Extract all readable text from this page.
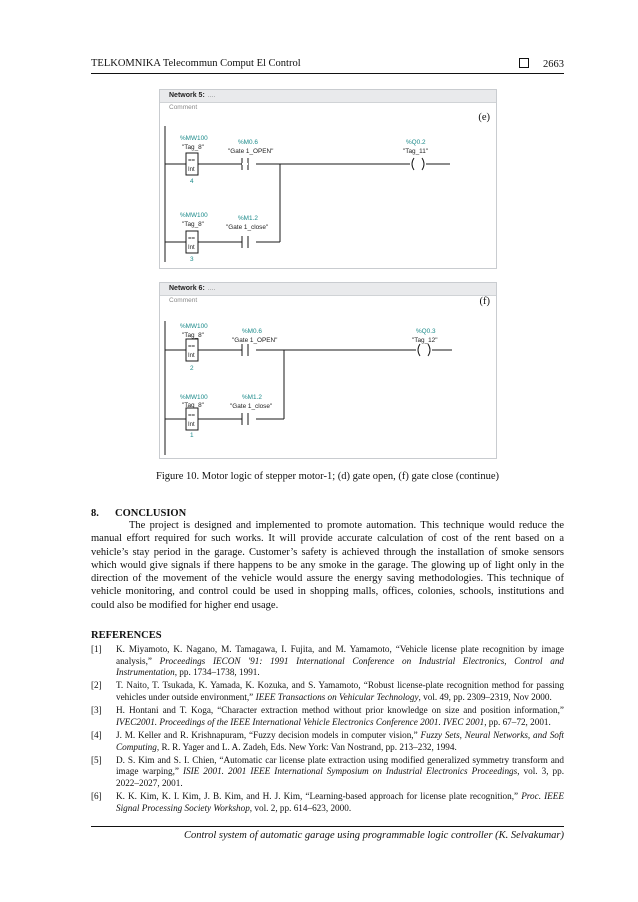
TELKOMNIKA Telecommun Comput El Control	2663
Network 5: ....
Comment
(e)
%MW100
"Tag_8"
==
Int
4
%M0.6
"Gate 1_OPEN"
%Q0.2
"Tag_11"
%MW100
"Tag_8"
==
Int
3
%M1.2
"Gate 1_close"
Network 6: ....
Comment	(f)
%MW100
"Tag_8"
==
Int
2
%M0.6
"Gate 1_OPEN"
%Q0.3
"Tag_12"
%MW100
"Tag_8"
==
Int
1
%M1.2
"Gate 1_close"
Figure 10. Motor logic of stepper motor-1; (d) gate open, (f) gate close (continue)
8. CONCLUSION

The project is designed and implemented to promote automation. This technique would reduce the manual effort required for such works. It will provide accurate calculation of cost of the rent based on a vehicle’s stay period in the garage. Customer’s safety is achieved through the installation of smoke sensors which would give signals if there happens to be any smoke in the garage. The glowing up of light only in the direction of the movement of the vehicle would assure the energy saving methodologies. This technique of vehicle monitoring, and control could be used in shopping malls, offices, colonies, schools, institutions and could also be modified for higher end usage.

REFERENCES
[1] K. Miyamoto, K. Nagano, M. Tamagawa, I. Fujita, and M. Yamamoto, “Vehicle license plate recognition by image analysis,” Proceedings IECON '91: 1991 International Conference on Industrial Electronics, Control and Instrumentation, pp. 1734–1738, 1991.
[2] T. Naito, T. Tsukada, K. Yamada, K. Kozuka, and S. Yamamoto, “Robust license-plate recognition method for passing vehicles under outside environment,” IEEE Transactions on Vehicular Technology, vol. 49, pp. 2309–2319, Nov 2000.
[3] H. Hontani and T. Koga, “Character extraction method without prior knowledge on size and position information,” IVEC2001. Proceedings of the IEEE International Vehicle Electronics Conference 2001. IVEC 2001, pp. 67–72, 2001.
[4] J. M. Keller and R. Krishnapuram, “Fuzzy decision models in computer vision,” Fuzzy Sets, Neural Networks, and Soft Computing, R. R. Yager and L. A. Zadeh, Eds. New York: Van Nostrand, pp. 213–232, 1994.
[5] D. S. Kim and S. I. Chien, “Automatic car license plate extraction using modified generalized symmetry transform and image warping,” ISIE 2001. 2001 IEEE International Symposium on Industrial Electronics Proceedings, vol. 3, pp. 2022–2027, 2001.
[6] K. K. Kim, K. I. Kim, J. B. Kim, and H. J. Kim, “Learning-based approach for license plate recognition,” Proc. IEEE Signal Processing Society Workshop, vol. 2, pp. 614–623, 2000.
Control system of automatic garage using programmable logic controller (K. Selvakumar)
